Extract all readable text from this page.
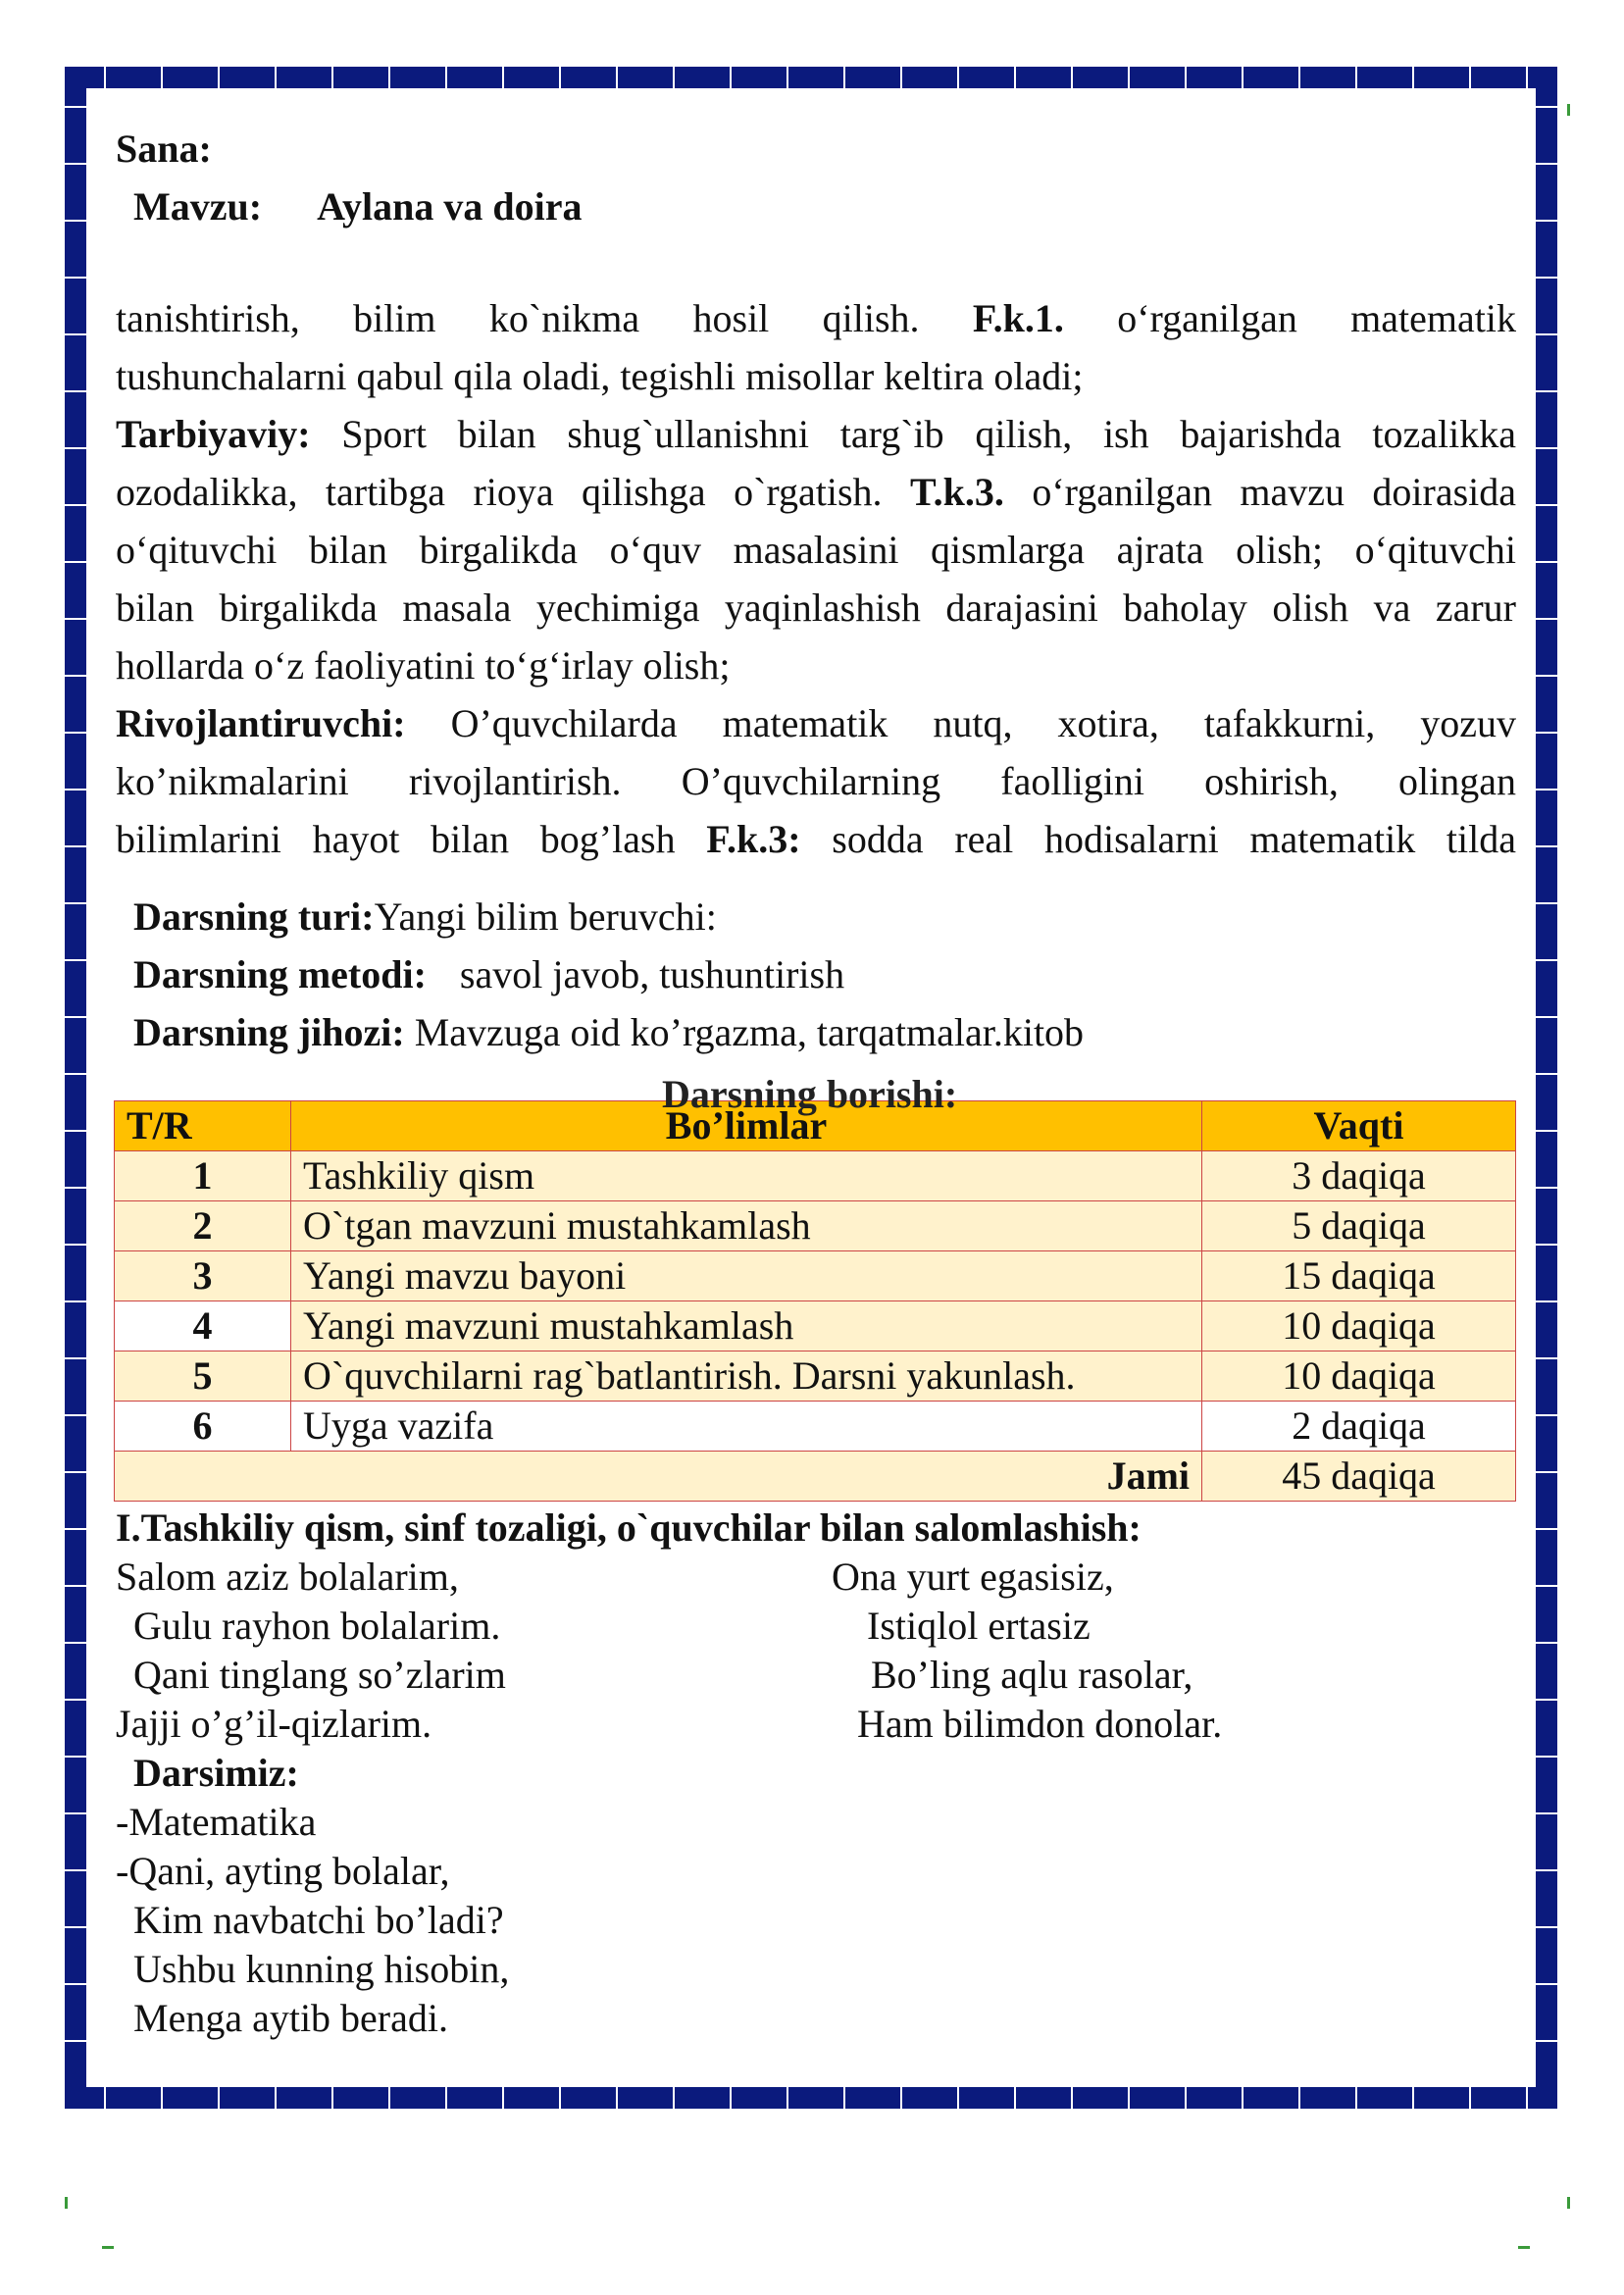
Sana:
Mavzu: Aylana va doira
tanishtirish, bilim ko`nikma hosil qilish. F.k.1. o‘rganilgan matematik
tushunchalarni qabul qila oladi, tegishli misollar keltira oladi;
Tarbiyaviy: Sport bilan shug`ullanishni targ`ib qilish, ish bajarishda tozalikka
ozodalikka, tartibga rioya qilishga o`rgatish. T.k.3. o‘rganilgan mavzu doirasida
o‘qituvchi bilan birgalikda o‘quv masalasini qismlarga ajrata olish; o‘qituvchi
bilan birgalikda masala yechimiga yaqinlashish darajasini baholay olish va zarur
hollarda o‘z faoliyatini to‘g‘irlay olish;
Rivojlantiruvchi: O’quvchilarda matematik nutq, xotira, tafakkurni, yozuv
ko’nikmalarini rivojlantirish. O’quvchilarning faolligini oshirish, olingan
bilimlarini hayot bilan bog’lash F.k.3: sodda real hodisalarni matematik tilda
Darsning turi:Yangi bilim beruvchi:
Darsning metodi: savol javob, tushuntirish
Darsning jihozi: Mavzuga oid ko’rgazma, tarqatmalar.kitob
Darsning borishi:
T/R	Bo’limlar	Vaqti
1	Tashkiliy qism	3 daqiqa
2	O`tgan mavzuni mustahkamlash	5 daqiqa
3	Yangi mavzu bayoni	15 daqiqa
4	Yangi mavzuni mustahkamlash	10 daqiqa
5	O`quvchilarni rag`batlantirish. Darsni yakunlash.	10 daqiqa
6	Uyga vazifa	2 daqiqa
Jami		45 daqiqa
I.Tashkiliy qism, sinf tozaligi, o`quvchilar bilan salomlashish:
Salom aziz bolalarim,
Gulu rayhon bolalarim.
Qani tinglang so’zlarim
Jajji o’g’il-qizlarim.
Ona yurt egasisiz,
Istiqlol ertasiz
Bo’ling aqlu rasolar,
Ham bilimdon donolar.
Darsimiz:
-Matematika
-Qani, ayting bolalar,
Kim navbatchi bo’ladi?
Ushbu kunning hisobin,
Menga aytib beradi.
